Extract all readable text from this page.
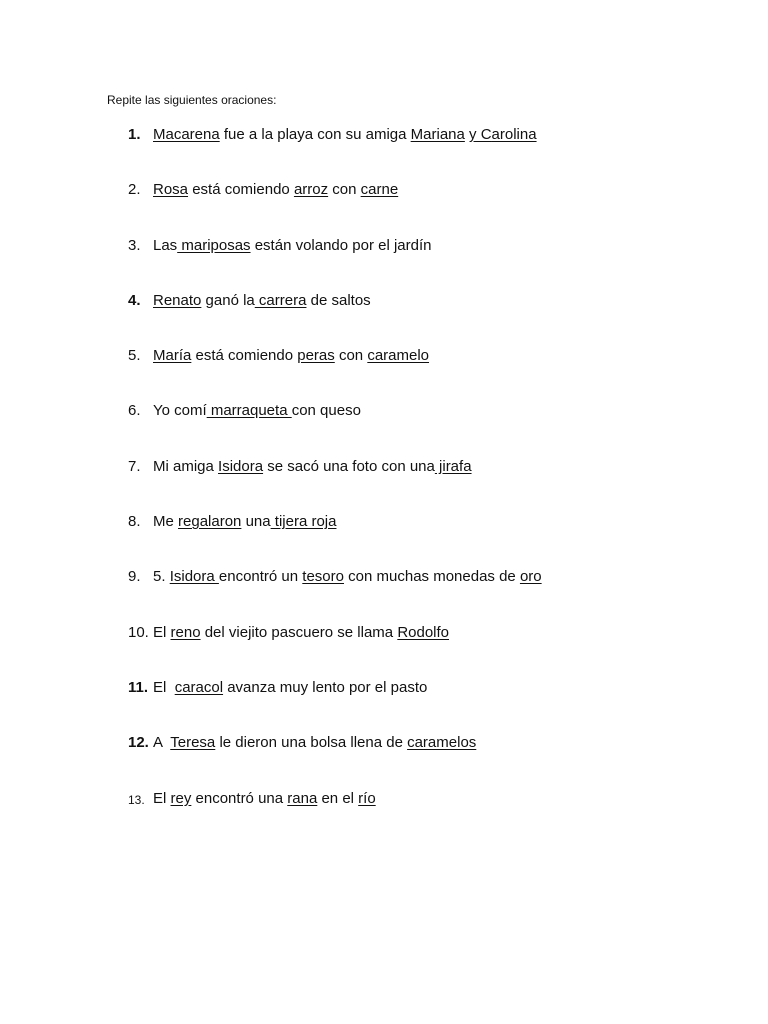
Repite las siguientes oraciones:
1. Macarena fue a la playa con su amiga Mariana y Carolina
2. Rosa está comiendo arroz con carne
3. Las mariposas están volando por el jardín
4. Renato ganó la carrera de saltos
5. María está comiendo peras con caramelo
6. Yo comí marraqueta con queso
7. Mi amiga Isidora se sacó una foto con una jirafa
8. Me regalaron una tijera roja
9. 5. Isidora encontró un tesoro con muchas monedas de oro
10. El reno del viejito pascuero se llama Rodolfo
11. El  caracol avanza muy lento por el pasto
12. A  Teresa le dieron una bolsa llena de caramelos
13. El rey encontró una rana en el río
